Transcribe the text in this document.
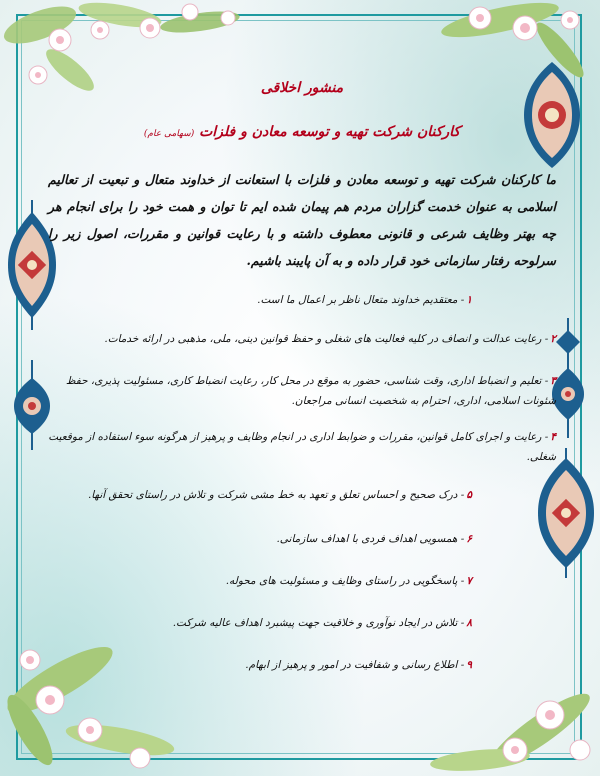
منشور اخلاقی
کارکنان شرکت تهیه و توسعه معادن و فلزات (سهامی عام)
ما کارکنان شرکت تهیه و توسعه معادن و فلزات با استعانت از خداوند متعال و تبعیت از تعالیم اسلامی به عنوان خدمت گزاران مردم هم پیمان شده ایم تا توان و همت خود را برای انجام هر چه بهتر وظایف شرعی و قانونی معطوف داشته و با رعایت قوانین و مقررات، اصول زیر را سرلوحه رفتار سازمانی خود قرار داده و به آن پایبند باشیم.
۱- معتقدیم خداوند متعال ناظر بر اعمال ما است.
۲- رعایت عدالت و انصاف در کلیه فعالیت های شغلی و حفظ قوانین دینی، ملی، مذهبی در ارائه خدمات.
۳- تعلیم و انضباط اداری، وقت شناسی، حضور به موقع در محل کار، رعایت انضباط کاری، مسئولیت پذیری، حفظ شئونات اسلامی، اداری، احترام به شخصیت انسانی مراجعان.
۴- رعایت و اجرای کامل قوانین، مقررات و ضوابط اداری در انجام وظایف و پرهیز از هرگونه سوء استفاده از موقعیت شغلی.
۵- درک صحیح و احساس تعلق و تعهد به خط مشی شرکت و تلاش در راستای تحقق آنها.
۶- همسویی اهداف فردی با اهداف سازمانی.
۷- پاسخگویی در راستای وظایف و مسئولیت های محوله.
۸- تلاش در ایجاد نوآوری و خلاقیت جهت پیشبرد اهداف عالیه شرکت.
۹- اطلاع رسانی و شفافیت در امور و پرهیز از ابهام.
